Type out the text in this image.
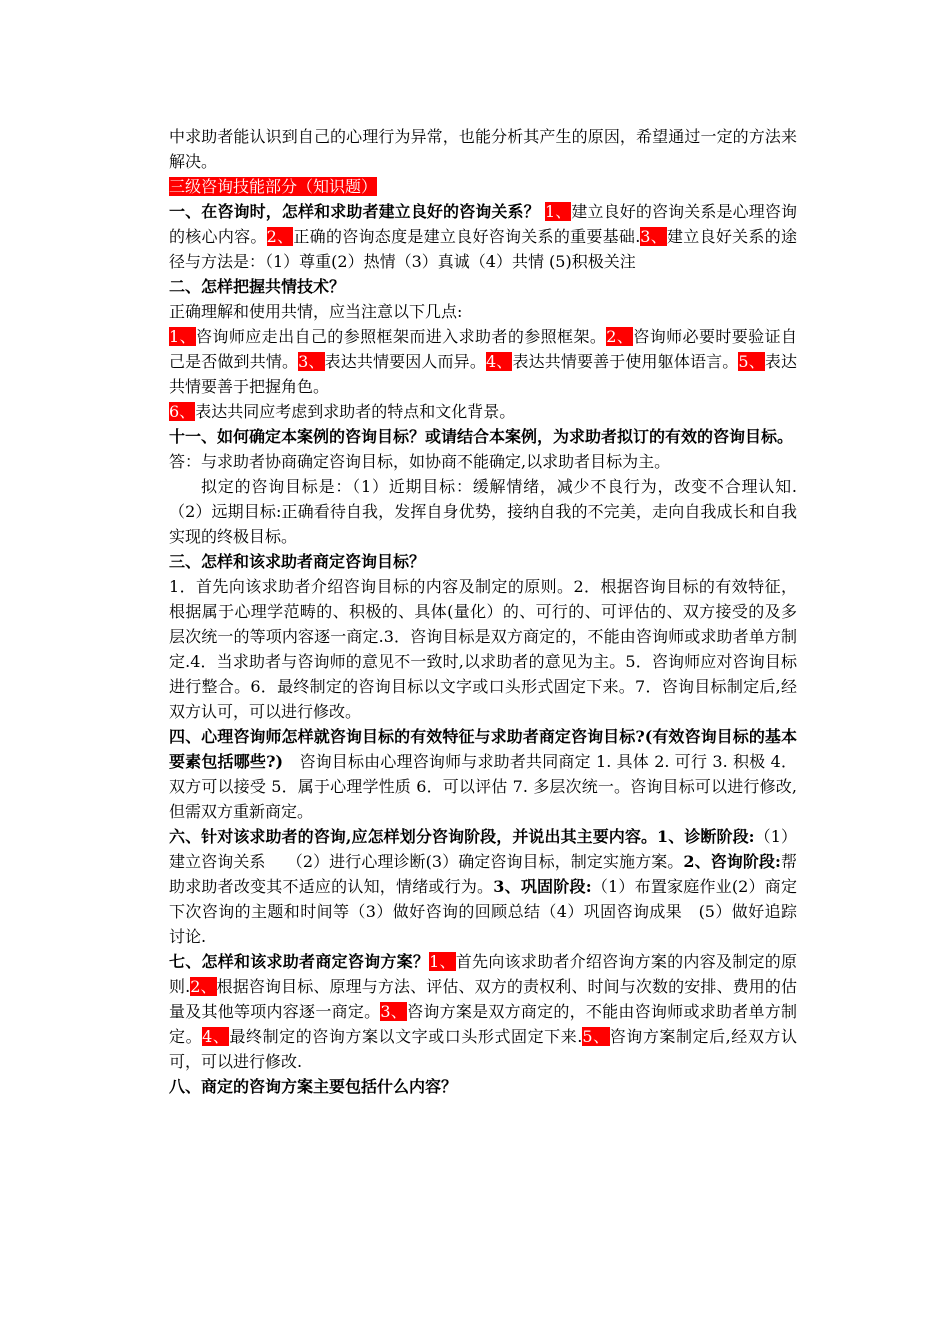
中求助者能认识到自己的心理行为异常，也能分析其产生的原因，希望通过一定的方法来解决。

三级咨询技能部分（知识题）

一、在咨询时，怎样和求助者建立良好的咨询关系？ 1、建立良好的咨询关系是心理咨询的核心内容。2、正确的咨询态度是建立良好咨询关系的重要基础.3、建立良好关系的途径与方法是：（1）尊重(2）热情（3）真诚（4）共情 (5)积极关注

二、怎样把握共情技术？

正确理解和使用共情，应当注意以下几点:

1、咨询师应走出自己的参照框架而进入求助者的参照框架。2、咨询师必要时要验证自己是否做到共情。3、表达共情要因人而异。4、表达共情要善于使用躯体语言。5、表达共情要善于把握角色。

6、表达共同应考虑到求助者的特点和文化背景。

十一、如何确定本案例的咨询目标？或请结合本案例，为求助者拟订的有效的咨询目标。

答：与求助者协商确定咨询目标，如协商不能确定,以求助者目标为主。

拟定的咨询目标是：（1）近期目标：缓解情绪，减少不良行为，改变不合理认知.（2）远期目标:正确看待自我，发挥自身优势，接纳自我的不完美，走向自我成长和自我实现的终极目标。

三、怎样和该求助者商定咨询目标？

1．首先向该求助者介绍咨询目标的内容及制定的原则。2．根据咨询目标的有效特征，根据属于心理学范畴的、积极的、具体(量化）的、可行的、可评估的、双方接受的及多层次统一的等项内容逐一商定.3．咨询目标是双方商定的，不能由咨询师或求助者单方制定.4．当求助者与咨询师的意见不一致时,以求助者的意见为主。5．咨询师应对咨询目标进行整合。6．最终制定的咨询目标以文字或口头形式固定下来。7．咨询目标制定后,经双方认可，可以进行修改。

四、心理咨询师怎样就咨询目标的有效特征与求助者商定咨询目标?(有效咨询目标的基本要素包括哪些?)　 咨询目标由心理咨询师与求助者共同商定 1. 具体 2. 可行 3. 积极 4．双方可以接受 5．属于心理学性质 6．可以评估 7. 多层次统一。咨询目标可以进行修改,但需双方重新商定。

六、针对该求助者的咨询,应怎样划分咨询阶段，并说出其主要内容。1、诊断阶段:（1）建立咨询关系　 （2）进行心理诊断(3）确定咨询目标，制定实施方案。2、咨询阶段:帮助求助者改变其不适应的认知，情绪或行为。3、巩固阶段:（1）布置家庭作业(2）商定下次咨询的主题和时间等（3）做好咨询的回顾总结（4）巩固咨询成果　(5）做好追踪讨论.

七、怎样和该求助者商定咨询方案？1、首先向该求助者介绍咨询方案的内容及制定的原则.2、根据咨询目标、原理与方法、评估、双方的责权利、时间与次数的安排、费用的估量及其他等项内容逐一商定。3、咨询方案是双方商定的，不能由咨询师或求助者单方制定。4、最终制定的咨询方案以文字或口头形式固定下来.5、咨询方案制定后,经双方认可，可以进行修改.

八、商定的咨询方案主要包括什么内容？
